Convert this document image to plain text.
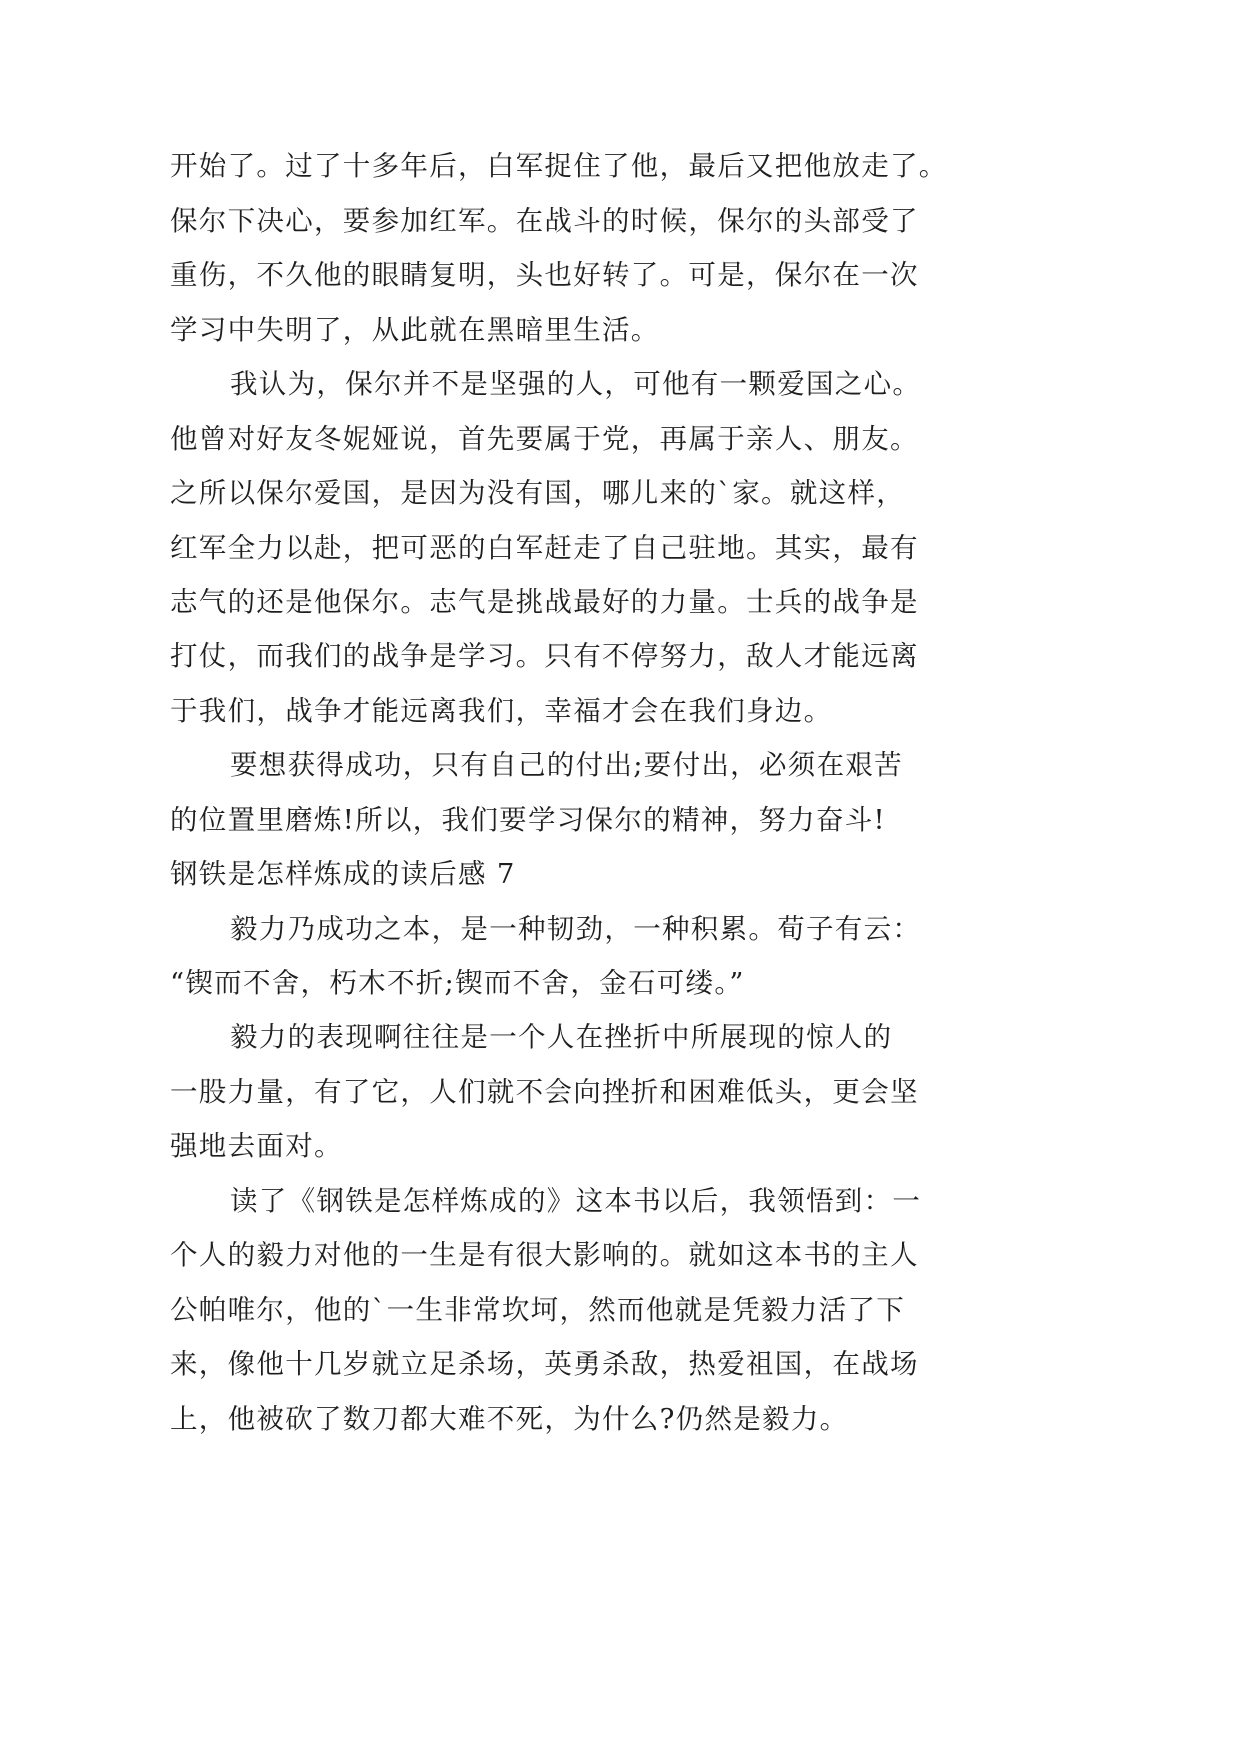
开始了。过了十多年后，白军捉住了他，最后又把他放走了。
保尔下决心，要参加红军。在战斗的时候，保尔的头部受了
重伤，不久他的眼睛复明，头也好转了。可是，保尔在一次
学习中失明了，从此就在黑暗里生活。
我认为，保尔并不是坚强的人，可他有一颗爱国之心。
他曾对好友冬妮娅说，首先要属于党，再属于亲人、朋友。
之所以保尔爱国，是因为没有国，哪儿来的`家。就这样，
红军全力以赴，把可恶的白军赶走了自己驻地。其实，最有
志气的还是他保尔。志气是挑战最好的力量。士兵的战争是
打仗，而我们的战争是学习。只有不停努力，敌人才能远离
于我们，战争才能远离我们，幸福才会在我们身边。
要想获得成功，只有自己的付出;要付出，必须在艰苦
的位置里磨炼!所以，我们要学习保尔的精神，努力奋斗!
钢铁是怎样炼成的读后感 7
毅力乃成功之本，是一种韧劲，一种积累。荀子有云：
“锲而不舍，朽木不折;锲而不舍，金石可缕。”
毅力的表现啊往往是一个人在挫折中所展现的惊人的
一股力量，有了它，人们就不会向挫折和困难低头，更会坚
强地去面对。
读了《钢铁是怎样炼成的》这本书以后，我领悟到：一
个人的毅力对他的一生是有很大影响的。就如这本书的主人
公帕唯尔，他的`一生非常坎坷，然而他就是凭毅力活了下
来，像他十几岁就立足杀场，英勇杀敌，热爱祖国，在战场
上，他被砍了数刀都大难不死，为什么?仍然是毅力。
